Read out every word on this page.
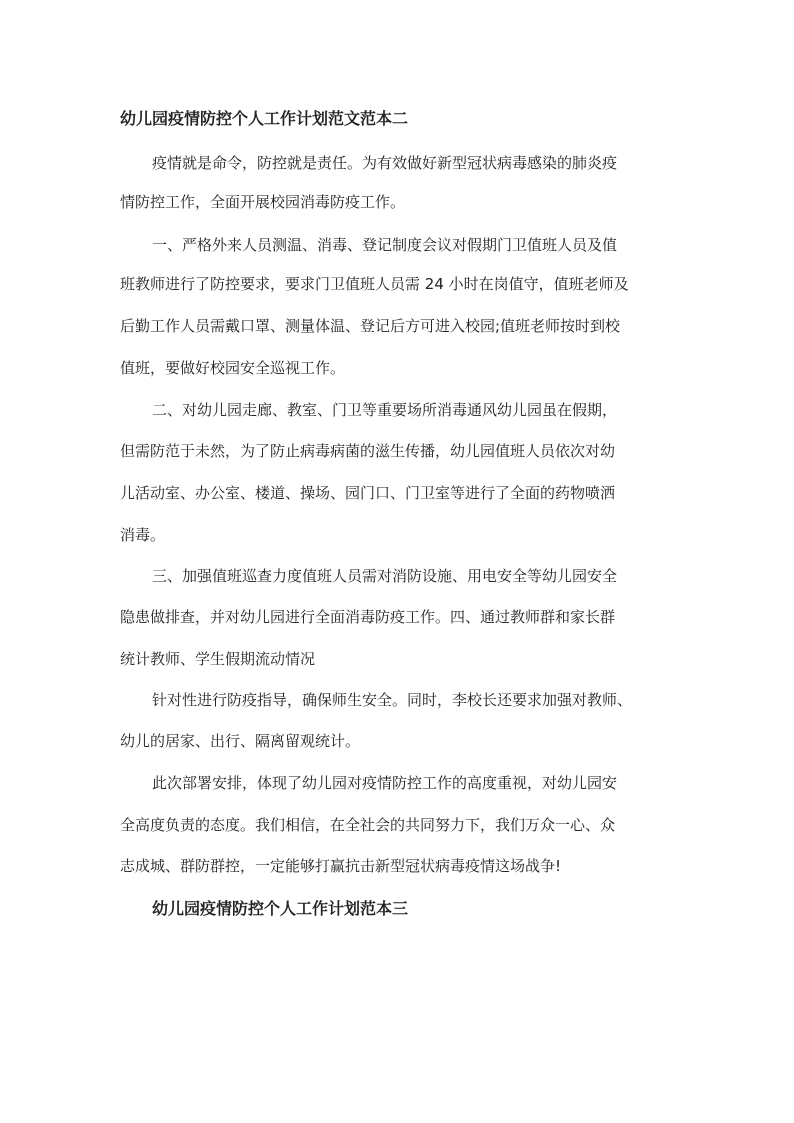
幼儿园疫情防控个人工作计划范文范本二

疫情就是命令，防控就是责任。为有效做好新型冠状病毒感染的肺炎疫

情防控工作，全面开展校园消毒防疫工作。

一、严格外来人员测温、消毒、登记制度会议对假期门卫值班人员及值

班教师进行了防控要求，要求门卫值班人员需 24 小时在岗值守，值班老师及

后勤工作人员需戴口罩、测量体温、登记后方可进入校园;值班老师按时到校

值班，要做好校园安全巡视工作。

二、对幼儿园走廊、教室、门卫等重要场所消毒通风幼儿园虽在假期，

但需防范于未然，为了防止病毒病菌的滋生传播，幼儿园值班人员依次对幼

儿活动室、办公室、楼道、操场、园门口、门卫室等进行了全面的药物喷洒

消毒。

三、加强值班巡查力度值班人员需对消防设施、用电安全等幼儿园安全

隐患做排查，并对幼儿园进行全面消毒防疫工作。四、通过教师群和家长群

统计教师、学生假期流动情况

针对性进行防疫指导，确保师生安全。同时，李校长还要求加强对教师、

幼儿的居家、出行、隔离留观统计。

此次部署安排，体现了幼儿园对疫情防控工作的高度重视，对幼儿园安

全高度负责的态度。我们相信，在全社会的共同努力下，我们万众一心、众

幼儿园疫情防控个人工作计划范本三

志成城、群防群控，一定能够打赢抗击新型冠状病毒疫情这场战争!
